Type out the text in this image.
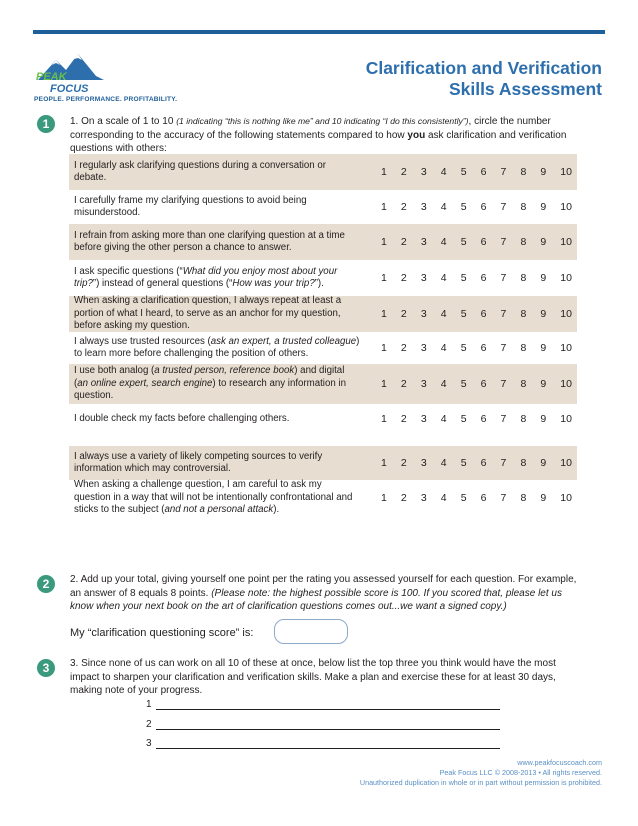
PEAK
FOCUS
PEOPLE. PERFORMANCE. PROFITABILITY.
Clarification and Verification
Skills Assessment
1	1. On a scale of 1 to 10 (1 indicating “this is nothing like me” and 10 indicating “I do this consistently”), circle the number corresponding to the accuracy of the following statements compared to how you ask clarification and verification questions with others:
I regularly ask clarifying questions during a conversation or debate.	1 2 3 4 5 6 7 8 9 10
I carefully frame my clarifying questions to avoid being misunderstood.	1 2 3 4 5 6 7 8 9 10
I refrain from asking more than one clarifying question at a time before giving the other person a chance to answer.	1 2 3 4 5 6 7 8 9 10
I ask specific questions (“What did you enjoy most about your trip?”) instead of general questions (“How was your trip?”).	1 2 3 4 5 6 7 8 9 10
When asking a clarification question, I always repeat at least a portion of what I heard, to serve as an anchor for my question, before asking my question.
1 2 3 4 5 6 7 8 9 10
I always use trusted resources (ask an expert, a trusted colleague) to learn more before challenging the position of others.	1 2 3 4 5 6 7 8 9 10
I use both analog (a trusted person, reference book) and digital (an online expert, search engine) to research any information in question.
1 2 3 4 5 6 7 8 9 10
I double check my facts before challenging others.	1 2 3 4 5 6 7 8 9 10
I always use a variety of likely competing sources to verify information which may controversial.	1 2 3 4 5 6 7 8 9 10
When asking a challenge question, I am careful to ask my question in a way that will not be intentionally confrontational and sticks to the subject (and not a personal attack).
1 2 3 4 5 6 7 8 9 10
2	2. Add up your total, giving yourself one point per the rating you assessed yourself for each question. For example, an answer of 8 equals 8 points. (Please note: the highest possible score is 100. If you scored that, please let us know when your next book on the art of clarification questions comes out...we want a signed copy.)
My “clarification questioning score” is:
3	3. Since none of us can work on all 10 of these at once, below list the top three you think would have the most impact to sharpen your clarification and verification skills. Make a plan and exercise these for at least 30 days, making note of your progress.
1
2
3
www.peakfocuscoach.com
Peak Focus LLC © 2008-2013 • All rights reserved.
Unauthorized duplication in whole or in part without permission is prohibited.
